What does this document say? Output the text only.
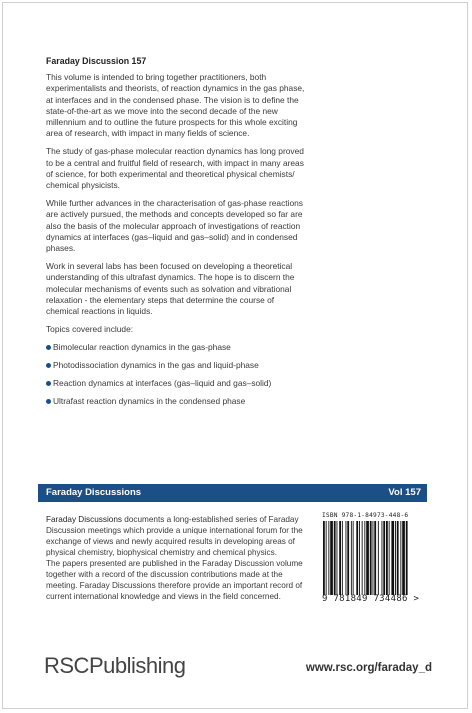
Faraday Discussion 157

This volume is intended to bring together practitioners, both experimentalists and theorists, of reaction dynamics in the gas phase, at interfaces and in the condensed phase. The vision is to define the state-of-the-art as we move into the second decade of the new millennium and to outline the future prospects for this whole exciting area of research, with impact in many fields of science.

The study of gas-phase molecular reaction dynamics has long proved to be a central and fruitful field of research, with impact in many areas of science, for both experimental and theoretical physical chemists/ chemical physicists.

While further advances in the characterisation of gas-phase reactions are actively pursued, the methods and concepts developed so far are also the basis of the molecular approach of investigations of reaction dynamics at interfaces (gas–liquid and gas–solid) and in condensed phases.

Work in several labs has been focused on developing a theoretical understanding of this ultrafast dynamics. The hope is to discern the molecular mechanisms of events such as solvation and vibrational relaxation - the elementary steps that determine the course of chemical reactions in liquids.

Topics covered include:

Bimolecular reaction dynamics in the gas-phase
Photodissociation dynamics in the gas and liquid-phase
Reaction dynamics at interfaces (gas–liquid and gas–solid)
Ultrafast reaction dynamics in the condensed phase
Faraday Discussions	Vol 157

Faraday Discussions documents a long-established series of Faraday Discussion meetings which provide a unique international forum for the exchange of views and newly acquired results in developing areas of physical chemistry, biophysical chemistry and chemical physics.

The papers presented are published in the Faraday Discussion volume together with a record of the discussion contributions made at the meeting. Faraday Discussions therefore provide an important record of current international knowledge and views in the field concerned.

ISBN 978-1-84973-448-6
9 781849 734486 >
RSCPublishing	www.rsc.org/faraday_d
